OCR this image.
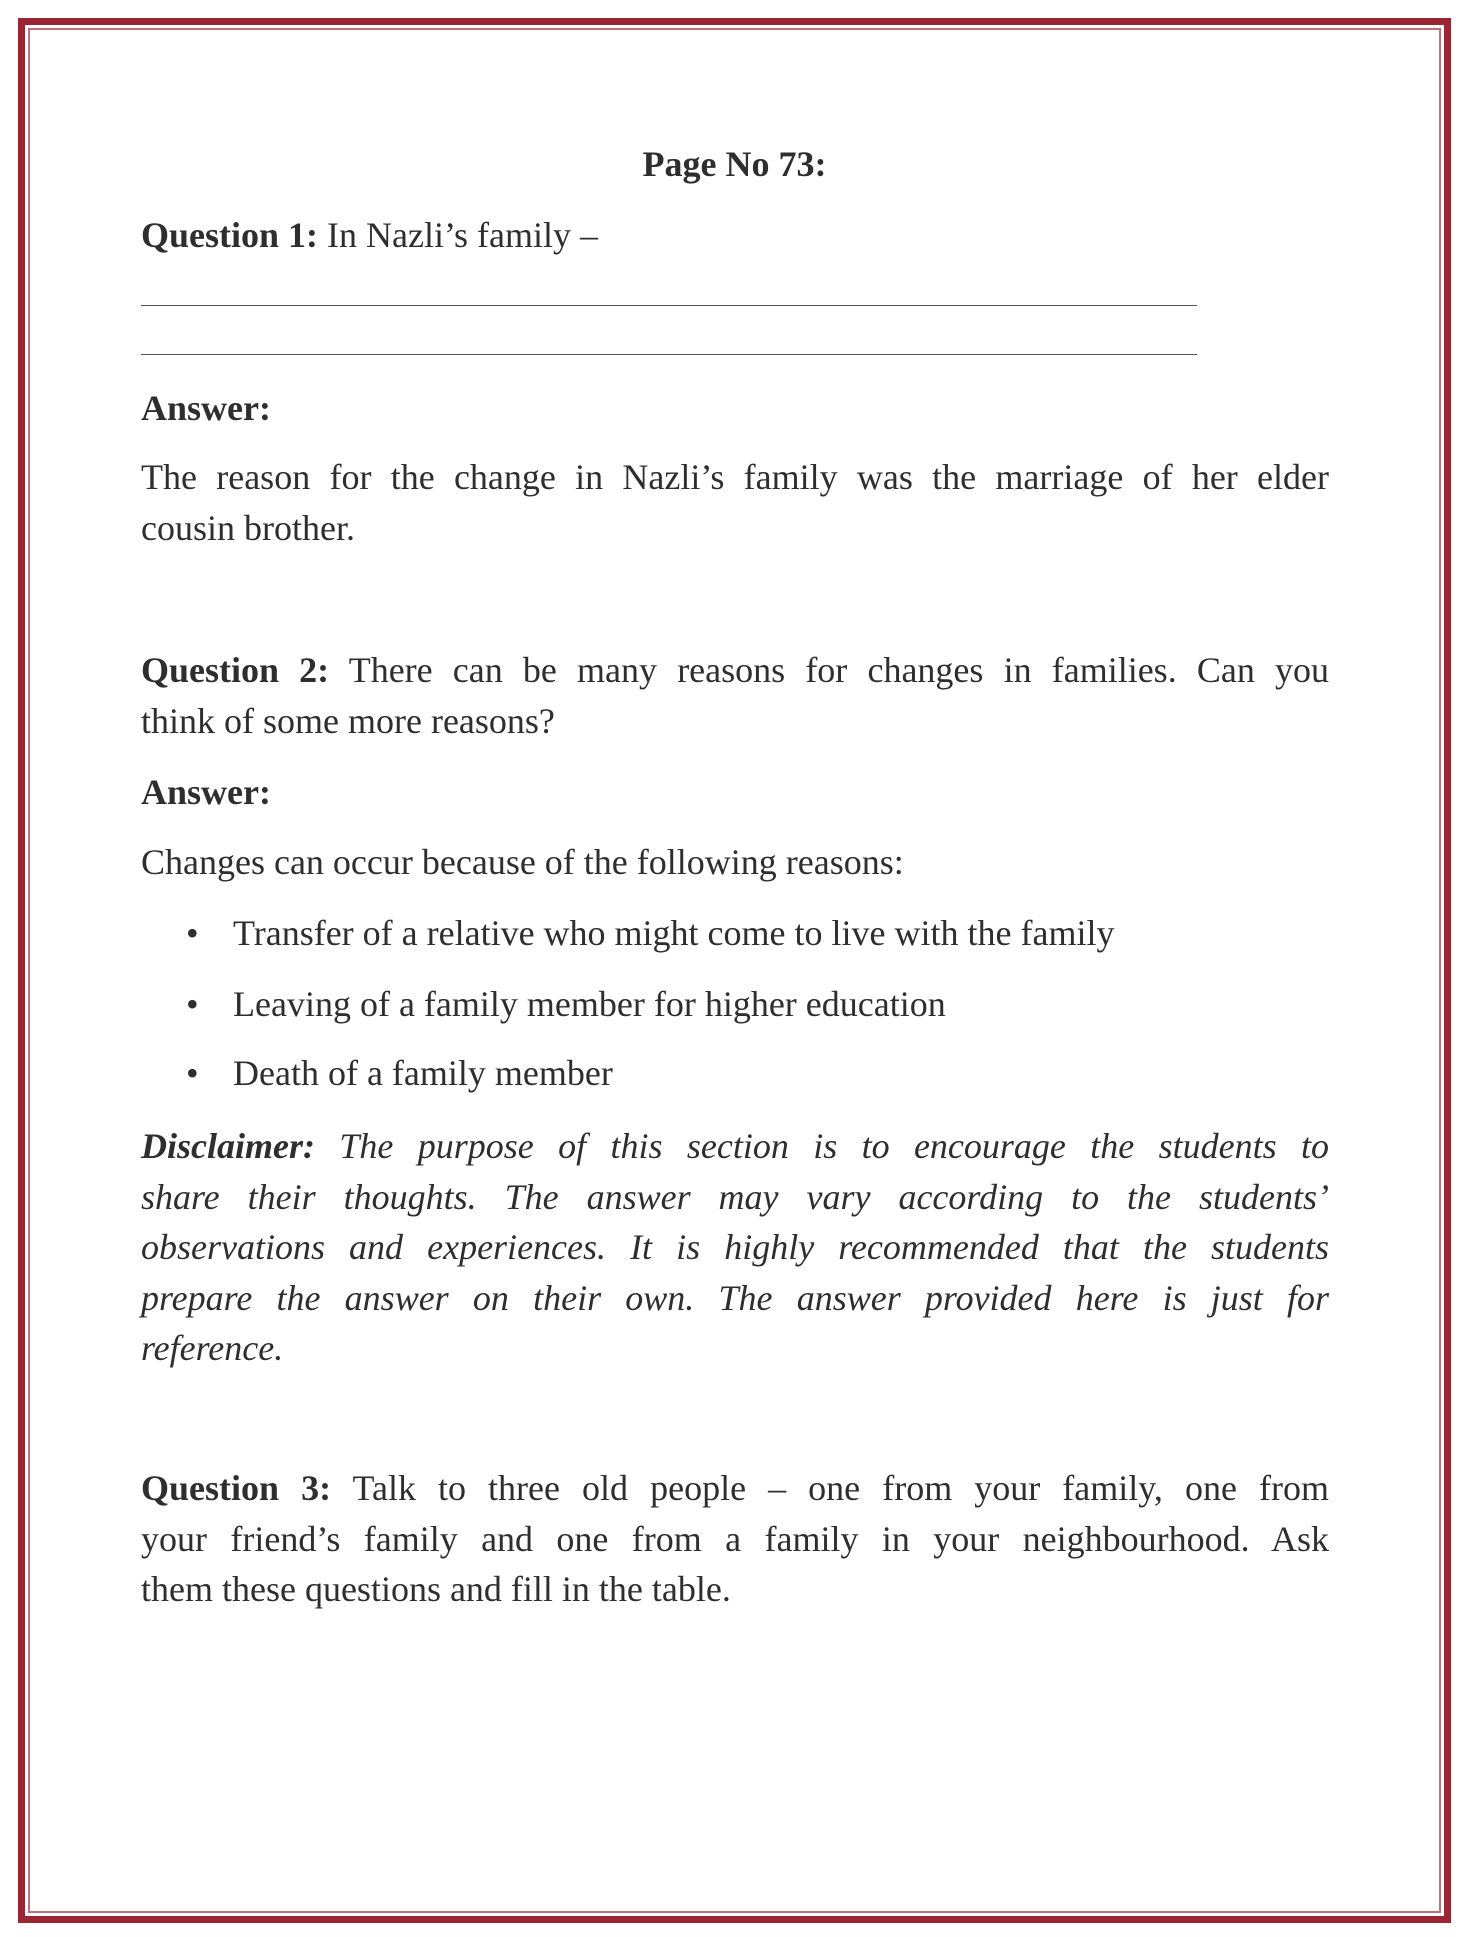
Page No 73:
Question 1: In Nazli’s family –
Answer:
The reason for the change in Nazli’s family was the marriage of her elder
cousin brother.
Question 2: There can be many reasons for changes in families. Can you
think of some more reasons?
Answer:
Changes can occur because of the following reasons:
• Transfer of a relative who might come to live with the family
• Leaving of a family member for higher education
• Death of a family member
Disclaimer: The purpose of this section is to encourage the students to
share their thoughts. The answer may vary according to the students’
observations and experiences. It is highly recommended that the students
prepare the answer on their own. The answer provided here is just for
reference.
Question 3: Talk to three old people – one from your family, one from
your friend’s family and one from a family in your neighbourhood. Ask
them these questions and fill in the table.
